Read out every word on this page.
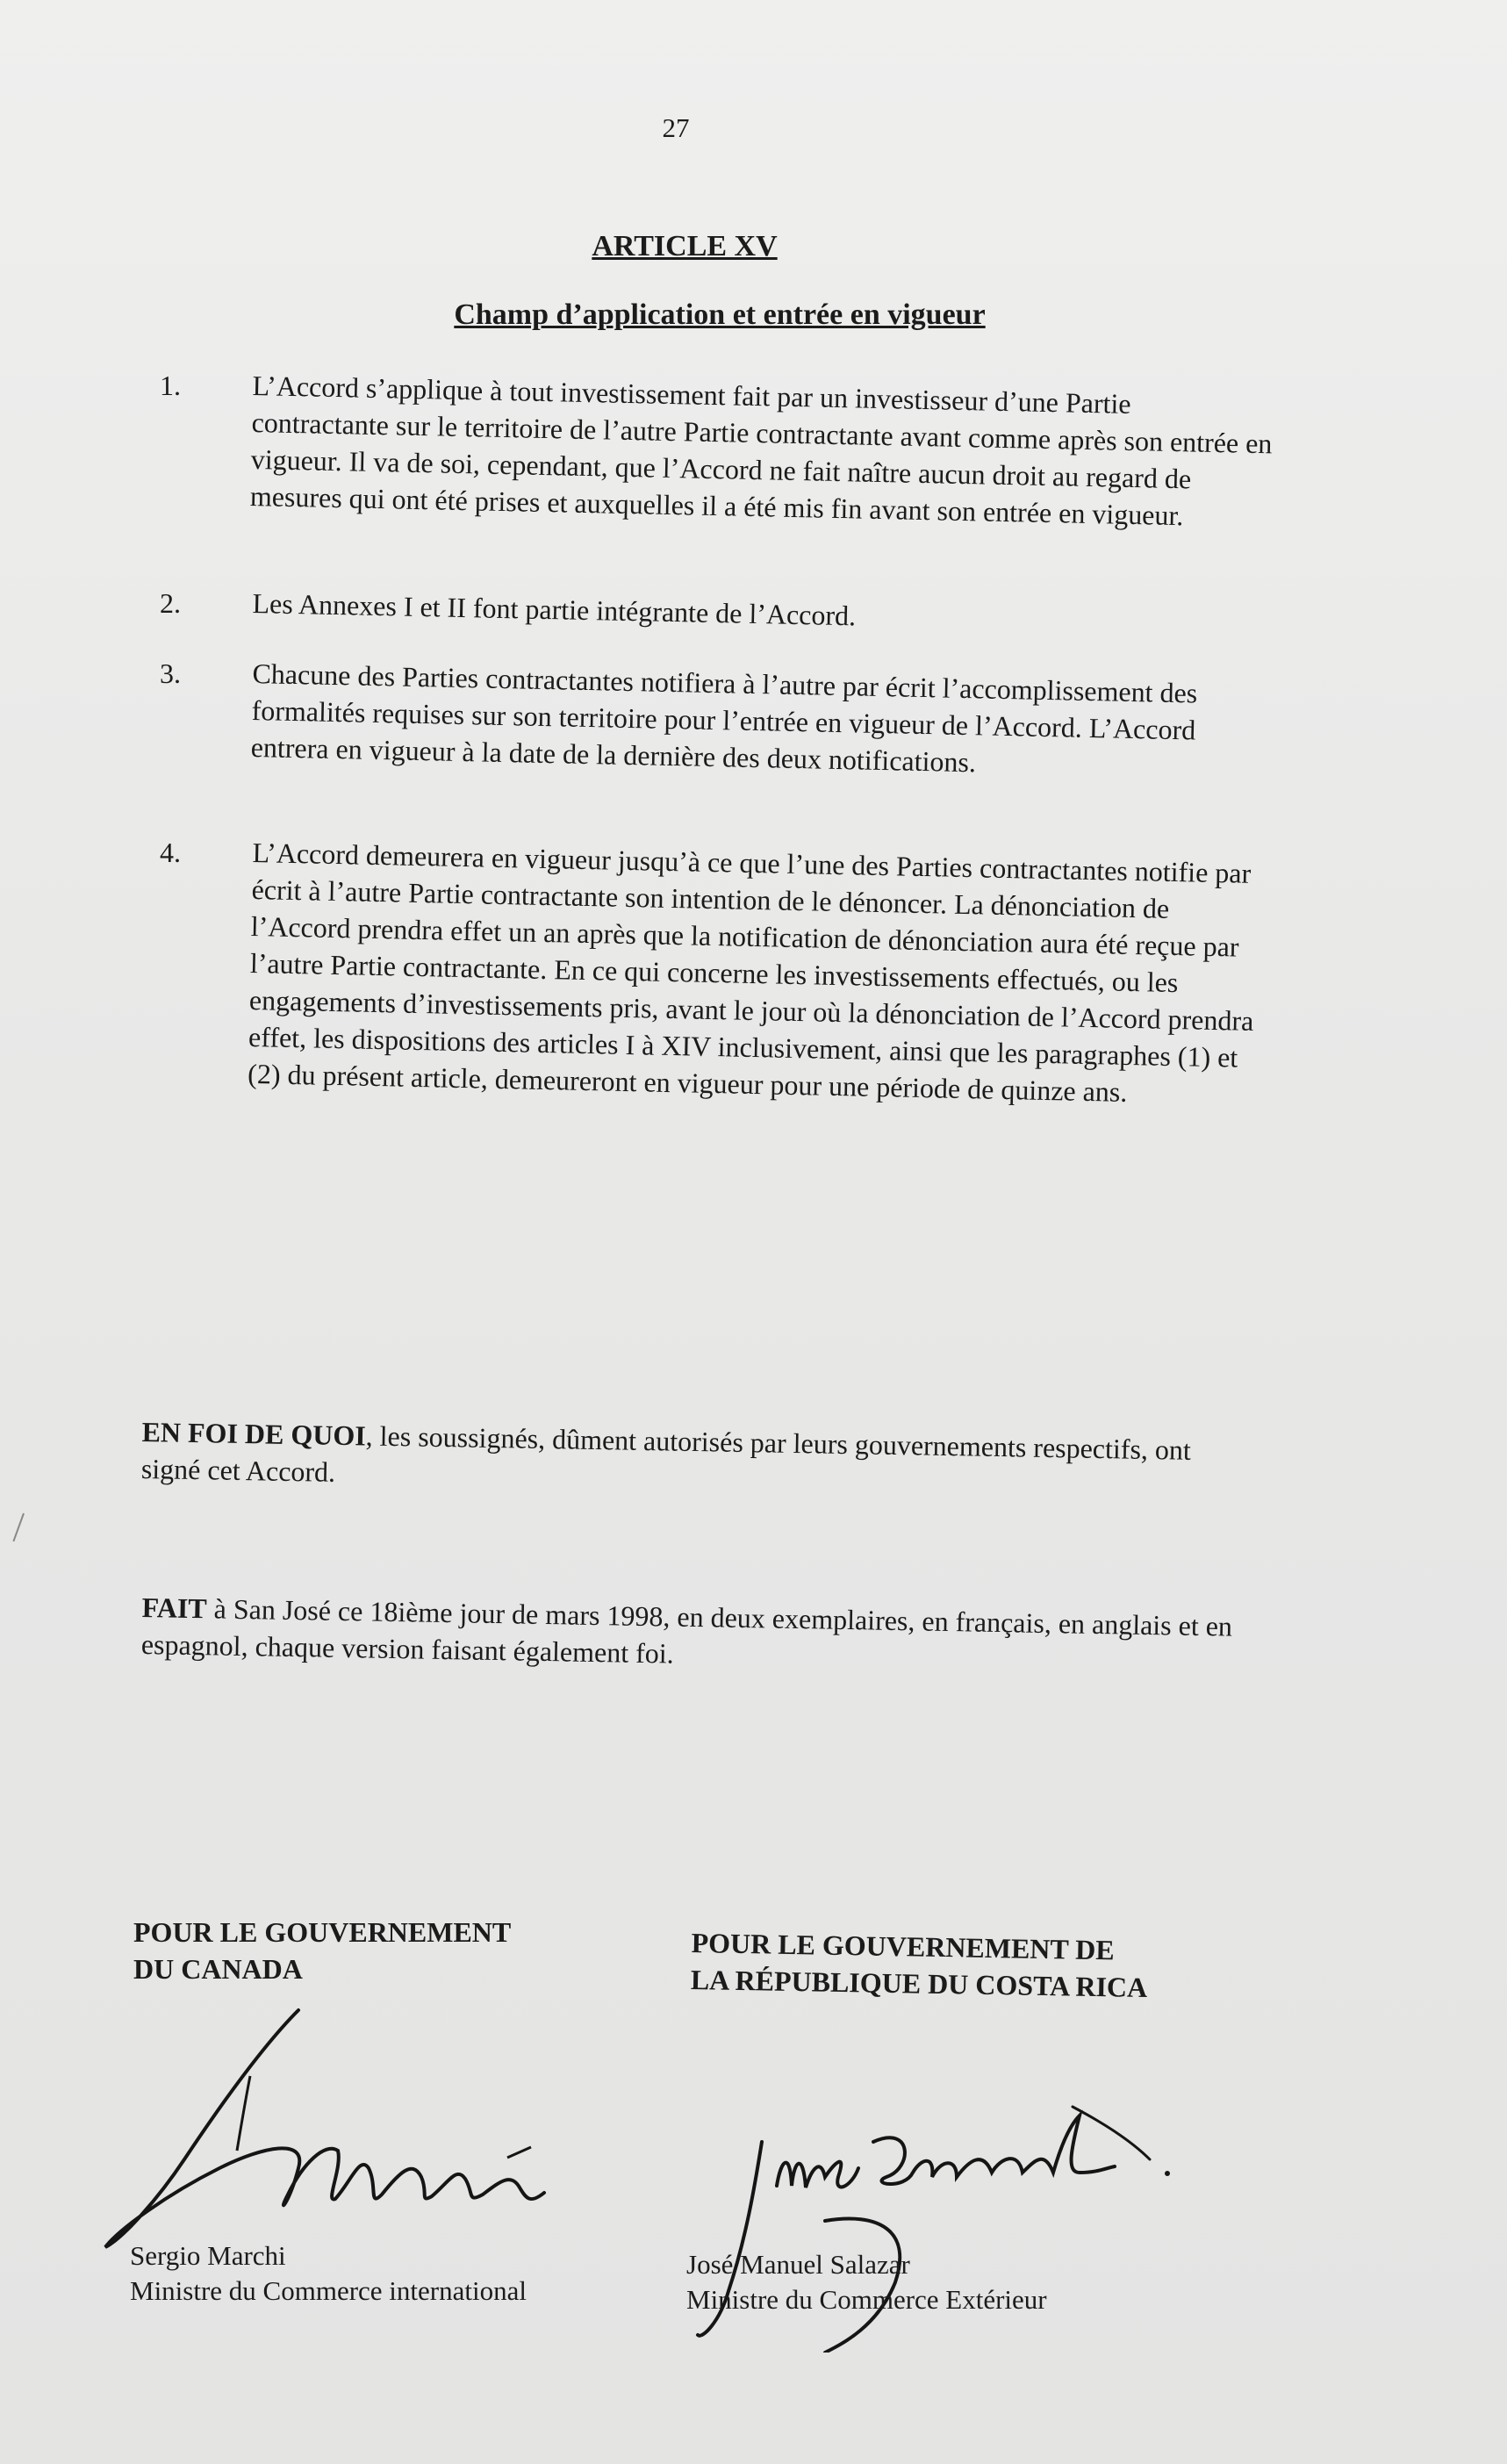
27
ARTICLE XV
Champ d’application et entrée en vigueur
1.	L’Accord s’applique à tout investissement fait par un investisseur d’une Partie contractante sur le territoire de l’autre Partie contractante avant comme après son entrée en vigueur. Il va de soi, cependant, que l’Accord ne fait naître aucun droit au regard de mesures qui ont été prises et auxquelles il a été mis fin avant son entrée en vigueur.
2.	Les Annexes I et II font partie intégrante de l’Accord.
3.	Chacune des Parties contractantes notifiera à l’autre par écrit l’accomplissement des formalités requises sur son territoire pour l’entrée en vigueur de l’Accord. L’Accord entrera en vigueur à la date de la dernière des deux notifications.
4.	L’Accord demeurera en vigueur jusqu’à ce que l’une des Parties contractantes notifie par écrit à l’autre Partie contractante son intention de le dénoncer. La dénonciation de l’Accord prendra effet un an après que la notification de dénonciation aura été reçue par l’autre Partie contractante. En ce qui concerne les investissements effectués, ou les engagements d’investissements pris, avant le jour où la dénonciation de l’Accord prendra effet, les dispositions des articles I à XIV inclusivement, ainsi que les paragraphes (1) et (2) du présent article, demeureront en vigueur pour une période de quinze ans.
EN FOI DE QUOI, les soussignés, dûment autorisés par leurs gouvernements respectifs, ont signé cet Accord.
FAIT à San José ce 18ième jour de mars 1998, en deux exemplaires, en français, en anglais et en espagnol, chaque version faisant également foi.
POUR LE GOUVERNEMENT
DU CANADA
Sergio Marchi
Ministre du Commerce international
POUR LE GOUVERNEMENT DE
LA RÉPUBLIQUE DU COSTA RICA
José Manuel Salazar
Ministre du Commerce Extérieur
